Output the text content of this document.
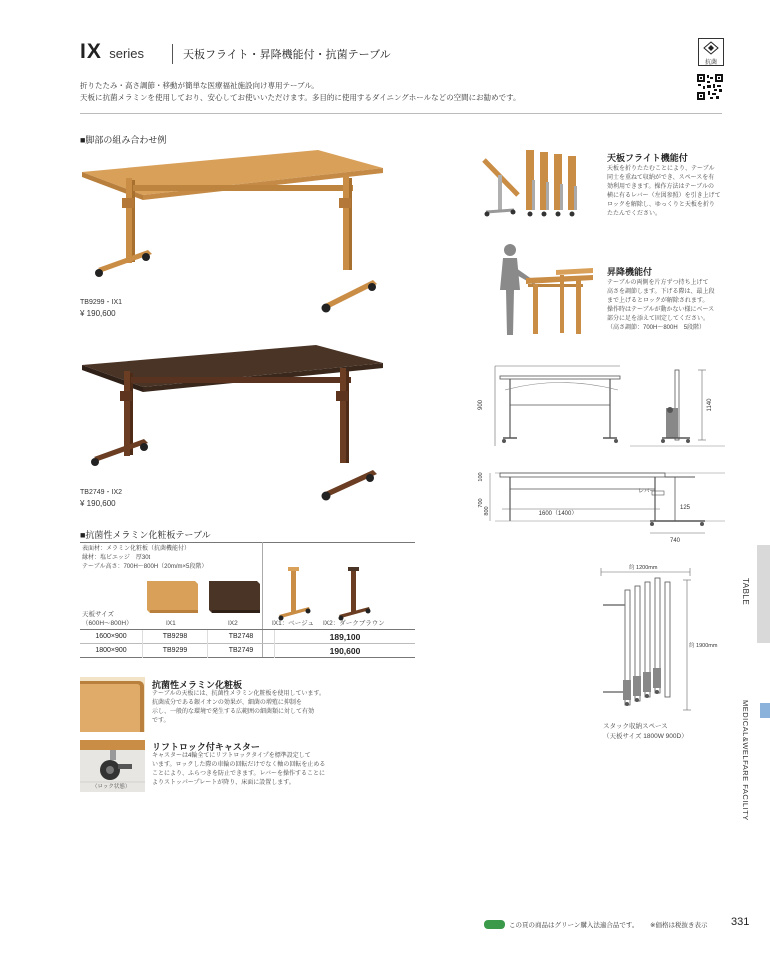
IX series	天板フライト・昇降機能付・抗菌テーブル
折りたたみ・高さ調節・移動が簡単な医療福祉施設向け専用テーブル。
天板に抗菌メラミンを使用しており、安心してお使いいただけます。多目的に使用するダイニングホールなどの空間にお勧めです。
抗菌
■脚部の組み合わせ例
TB9299・IX1
¥ 190,600
TB2749・IX2
¥ 190,600
天板フライト機能付
天板を折りたたむことにより、テーブル
同士を重ねて収納ができ、スペースを有
効利用できます。操作方法はテーブルの
横に有るレバー（左図参照）を引き上げて
ロックを解除し、ゆっくりと天板を折り
たたんでください。
昇降機能付
テーブルの両側を片方ずつ持ち上げて
高さを調節します。下げる際は、最上段
まで上げるとロックが解除されます。
操作時はテーブルが動かない様にベース
部分に足を添えて固定してください。
（高さ調節：700H〜800H　5段階）
900	1140
100
700
800	1600（1400）
レバー
125
740
約 1200mm
約 1900mm
スタック収納スペース
（天板サイズ 1800W 900D）
■抗菌性メラミン化粧板テーブル
表面材：メラミン化粧板（抗菌機能付）
縁材：塩ビエッジ　厚30t
テーブル高さ：700H〜800H（20m/m×5段階）
天板サイズ
（600H〜800H）	IX1	IX2	IX1：ベージュ IX2：ダークブラウン
1600×900	TB9298	TB2748	189,100
1800×900	TB9299	TB2749	190,600
抗菌性メラミン化粧板
テーブルの天板には、抗菌性メラミン化粧板を使用しています。
抗菌成分である銀イオンの効果が、細菌の増殖に抑制を
示し、一般的な環境で発生する広範囲の細菌類に対して有効
です。
（ロック状態）
リフトロック付キャスター
キャスターは4輪全てにリフトロックタイプを標準設定して
います。ロックした際の車輪の回転だけでなく軸の回転を止める
ことにより、ふらつきを防止できます。レバーを操作することに
よりストッパープレートが降り、床面に設置します。
TABLE
MEDICAL&WELFARE FACILITY
この頁の商品はグリーン購入法適合品です。 ※価格は税抜き表示 331
